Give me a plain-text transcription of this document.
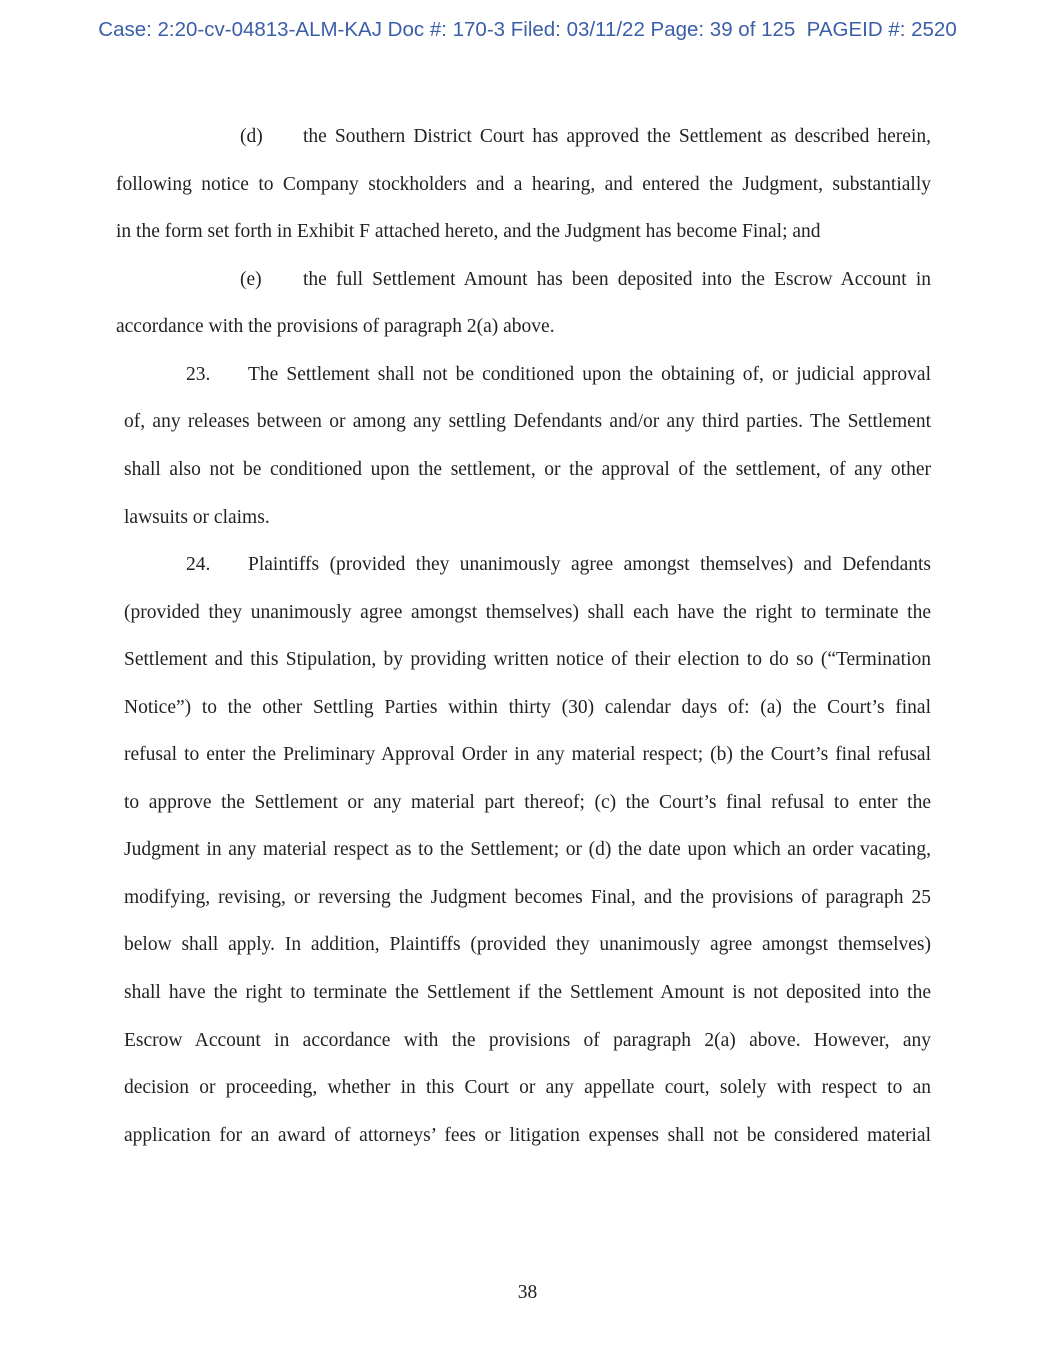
Case: 2:20-cv-04813-ALM-KAJ Doc #: 170-3 Filed: 03/11/22 Page: 39 of 125  PAGEID #: 2520
(d) the Southern District Court has approved the Settlement as described herein,
following notice to Company stockholders and a hearing, and entered the Judgment, substantially
in the form set forth in Exhibit F attached hereto, and the Judgment has become Final; and
(e) the full Settlement Amount has been deposited into the Escrow Account in
accordance with the provisions of paragraph 2(a) above.
23. The Settlement shall not be conditioned upon the obtaining of, or judicial approval
of, any releases between or among any settling Defendants and/or any third parties. The Settlement
shall also not be conditioned upon the settlement, or the approval of the settlement, of any other
lawsuits or claims.
24. Plaintiffs (provided they unanimously agree amongst themselves) and Defendants
(provided they unanimously agree amongst themselves) shall each have the right to terminate the
Settlement and this Stipulation, by providing written notice of their election to do so (“Termination
Notice”) to the other Settling Parties within thirty (30) calendar days of: (a) the Court’s final
refusal to enter the Preliminary Approval Order in any material respect; (b) the Court’s final refusal
to approve the Settlement or any material part thereof; (c) the Court’s final refusal to enter the
Judgment in any material respect as to the Settlement; or (d) the date upon which an order vacating,
modifying, revising, or reversing the Judgment becomes Final, and the provisions of paragraph 25
below shall apply. In addition, Plaintiffs (provided they unanimously agree amongst themselves)
shall have the right to terminate the Settlement if the Settlement Amount is not deposited into the
Escrow Account in accordance with the provisions of paragraph 2(a) above. However, any
decision or proceeding, whether in this Court or any appellate court, solely with respect to an
application for an award of attorneys’ fees or litigation expenses shall not be considered material
38
